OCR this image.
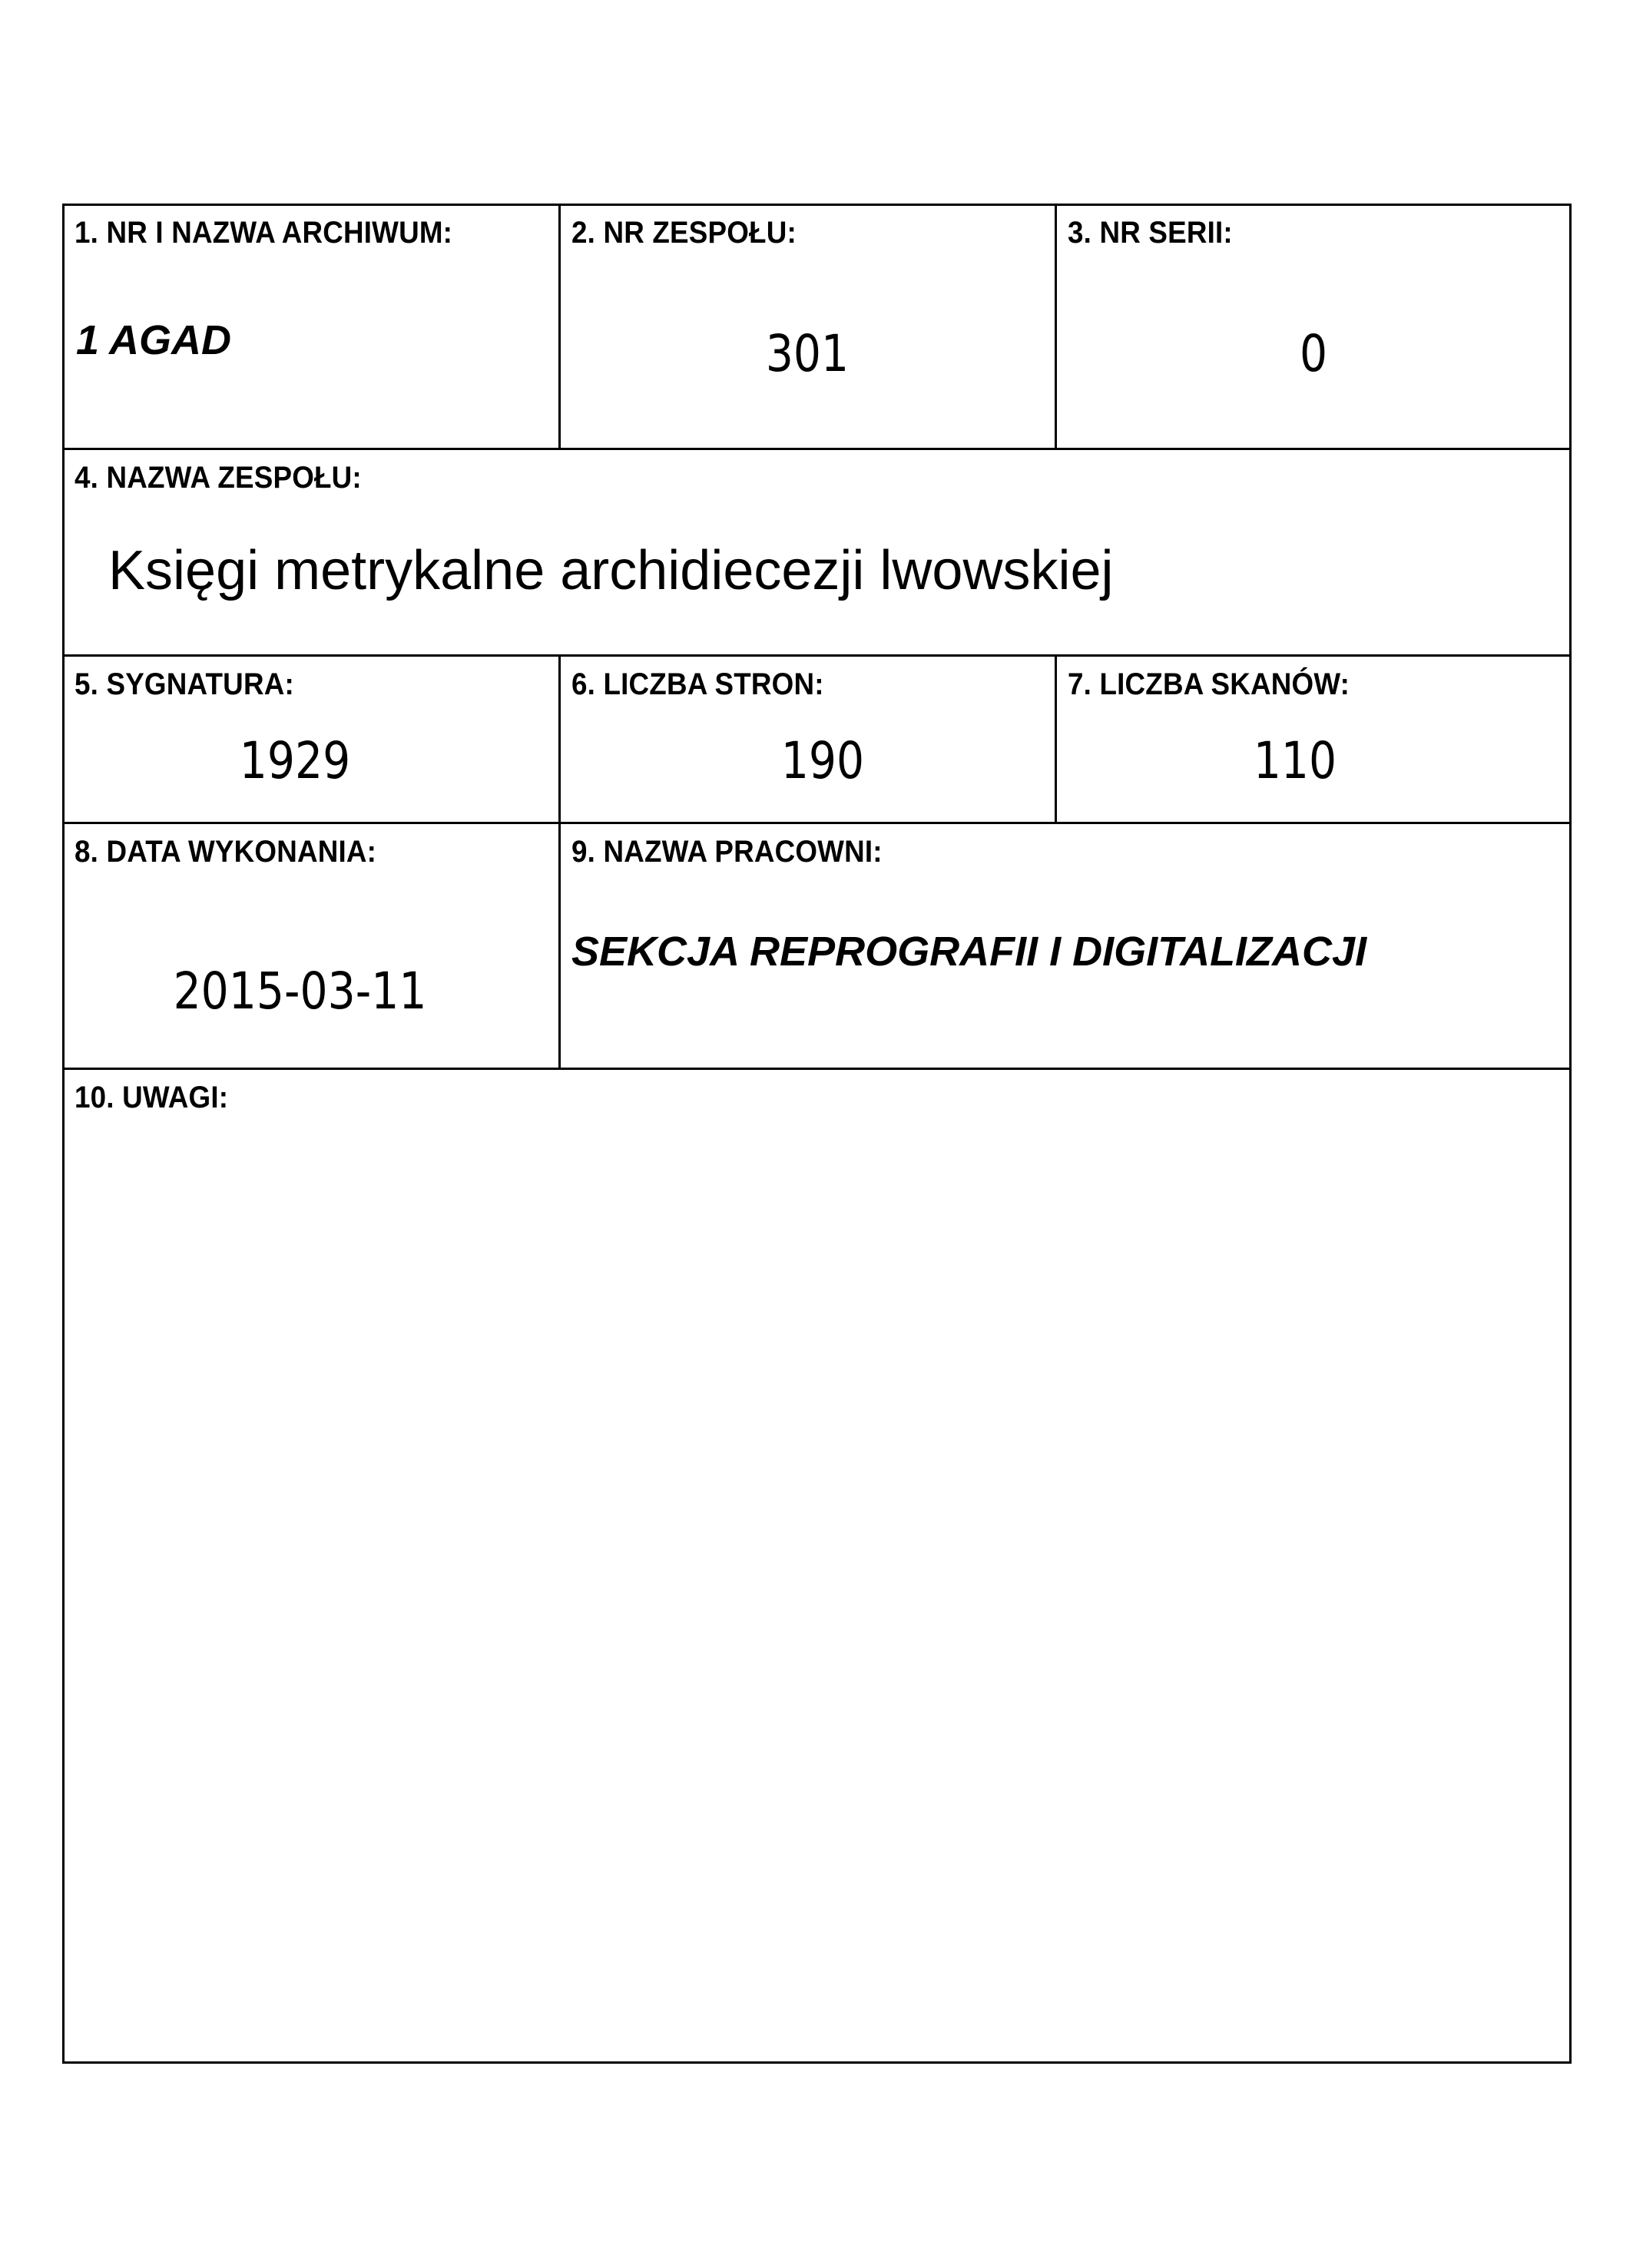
1. NR I NAZWA ARCHIWUM:
1 AGAD
2. NR ZESPOŁU:
301
3. NR SERII:
0
4. NAZWA ZESPOŁU:
Księgi metrykalne archidiecezji lwowskiej
5. SYGNATURA:
1929
6. LICZBA STRON:
190
7. LICZBA SKANÓW:
110
8. DATA WYKONANIA:
2015-03-11
9. NAZWA PRACOWNI:
SEKCJA REPROGRAFII I DIGITALIZACJI
10. UWAGI:
